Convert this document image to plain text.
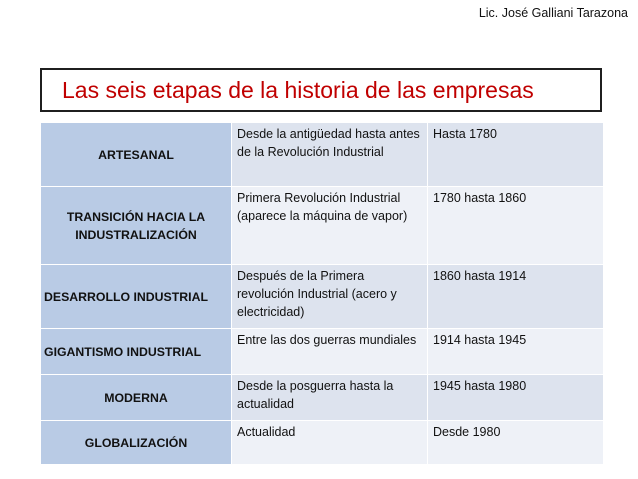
Lic. José Galliani Tarazona
Las seis etapas de la historia de las empresas
ARTESANAL	Desde la antigüedad hasta antes de la Revolución Industrial	Hasta 1780
TRANSICIÓN HACIA LA INDUSTRALIZACIÓN	Primera Revolución Industrial (aparece la máquina de vapor)	1780 hasta 1860
DESARROLLO INDUSTRIAL	Después de la Primera revolución Industrial (acero y electricidad)	1860 hasta 1914
GIGANTISMO INDUSTRIAL	Entre las dos guerras mundiales	1914 hasta 1945
MODERNA	Desde la posguerra hasta la actualidad	1945 hasta 1980
GLOBALIZACIÓN	Actualidad	Desde 1980
